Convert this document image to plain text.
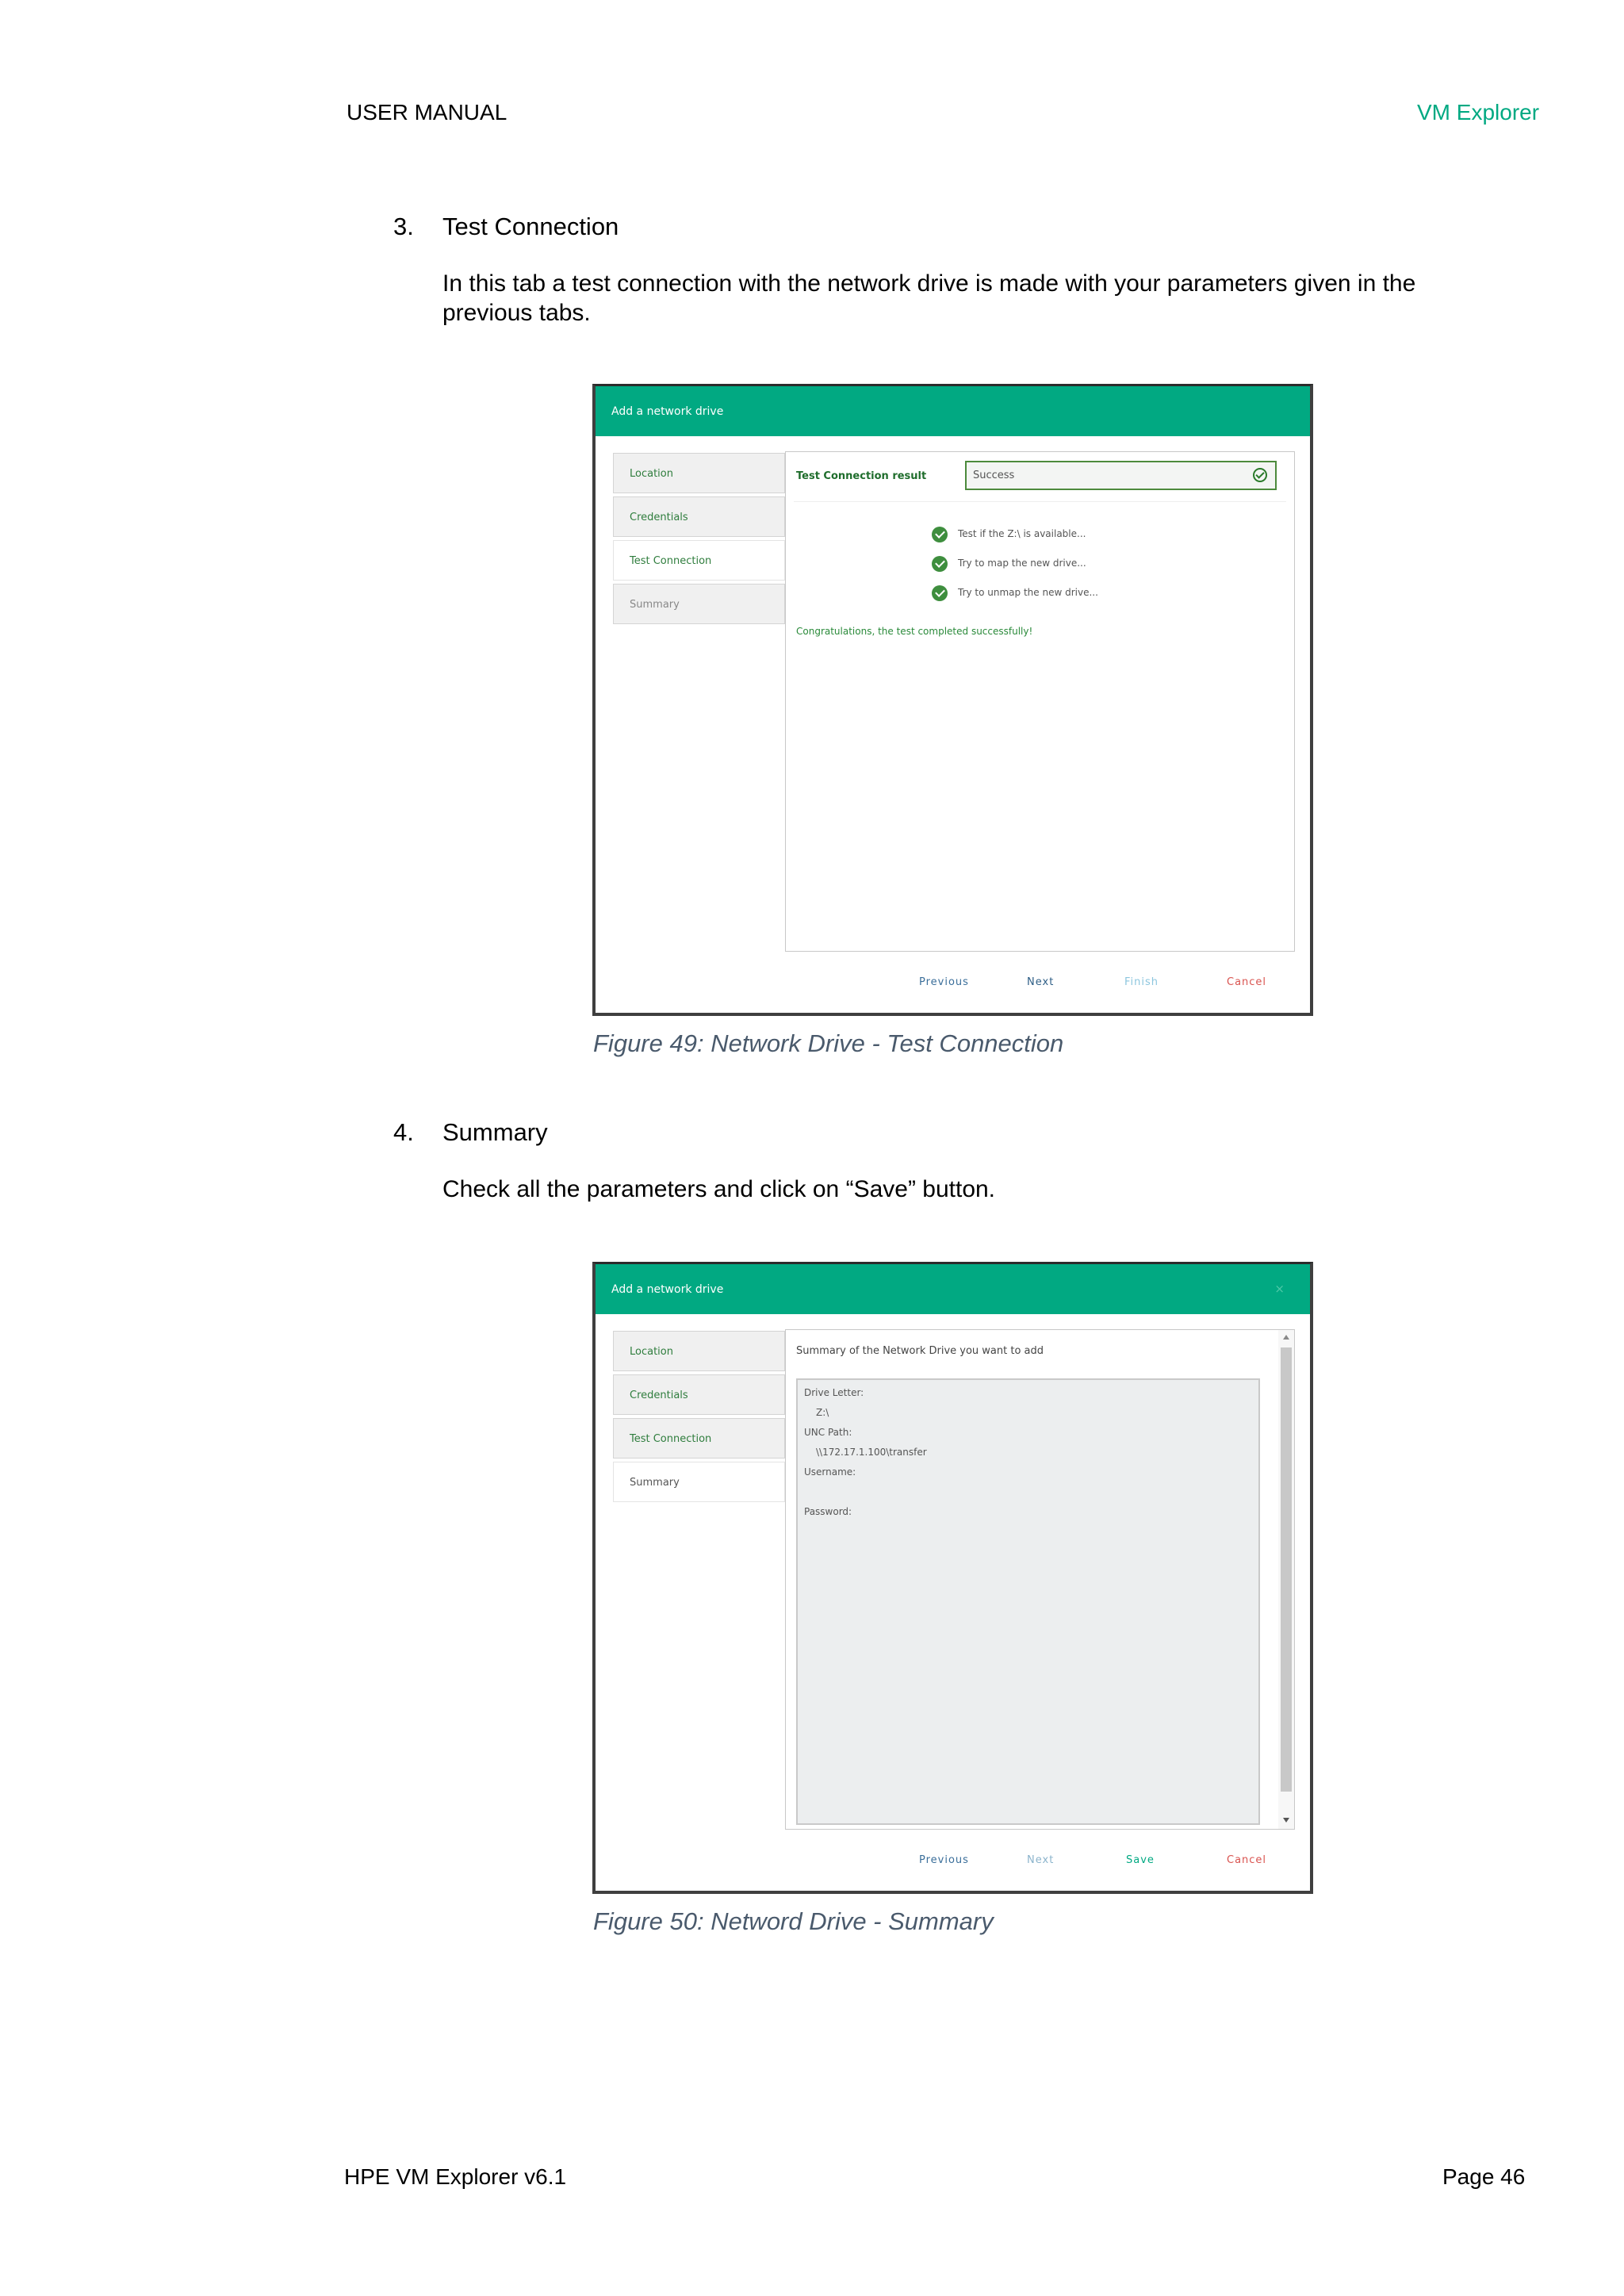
USER MANUAL	VM Explorer
3. Test Connection
In this tab a test connection with the network drive is made with your parameters given in the previous tabs.
Add a network drive
Location
Credentials
Test Connection
Summary
Test Connection result	Success
Test if the Z:\ is available...
Try to map the new drive...
Try to unmap the new drive...
Congratulations, the test completed successfully!
Previous	Next	Finish	Cancel
Figure 49: Network Drive - Test Connection
4. Summary
Check all the parameters and click on “Save” button.
Add a network drive	×
Location
Credentials
Test Connection
Summary
Summary of the Network Drive you want to add
Drive Letter:
Z:\
UNC Path:
\\172.17.1.100\transfer
Username:
Password:
Previous	Next	Save	Cancel
Figure 50: Netword Drive - Summary
HPE VM Explorer v6.1	Page 46
